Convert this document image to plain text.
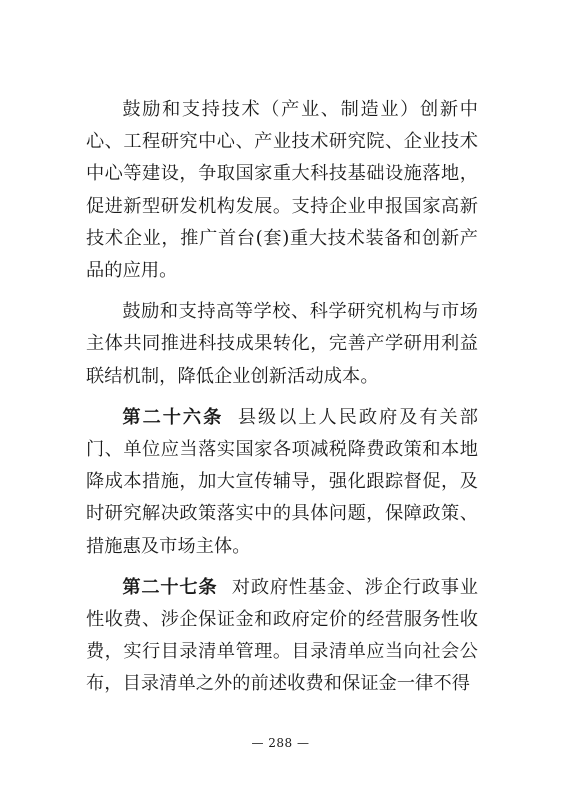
鼓励和支持技术（产业、制造业）创新中心、工程研究中心、产业技术研究院、企业技术中心等建设，争取国家重大科技基础设施落地，促进新型研发机构发展。支持企业申报国家高新技术企业，推广首台(套)重大技术装备和创新产品的应用。

鼓励和支持高等学校、科学研究机构与市场主体共同推进科技成果转化，完善产学研用利益联结机制，降低企业创新活动成本。

第二十六条 县级以上人民政府及有关部门、单位应当落实国家各项减税降费政策和本地降成本措施，加大宣传辅导，强化跟踪督促，及时研究解决政策落实中的具体问题，保障政策、措施惠及市场主体。

第二十七条 对政府性基金、涉企行政事业性收费、涉企保证金和政府定价的经营服务性收费，实行目录清单管理。目录清单应当向社会公布，目录清单之外的前述收费和保证金一律不得

— 288 —
